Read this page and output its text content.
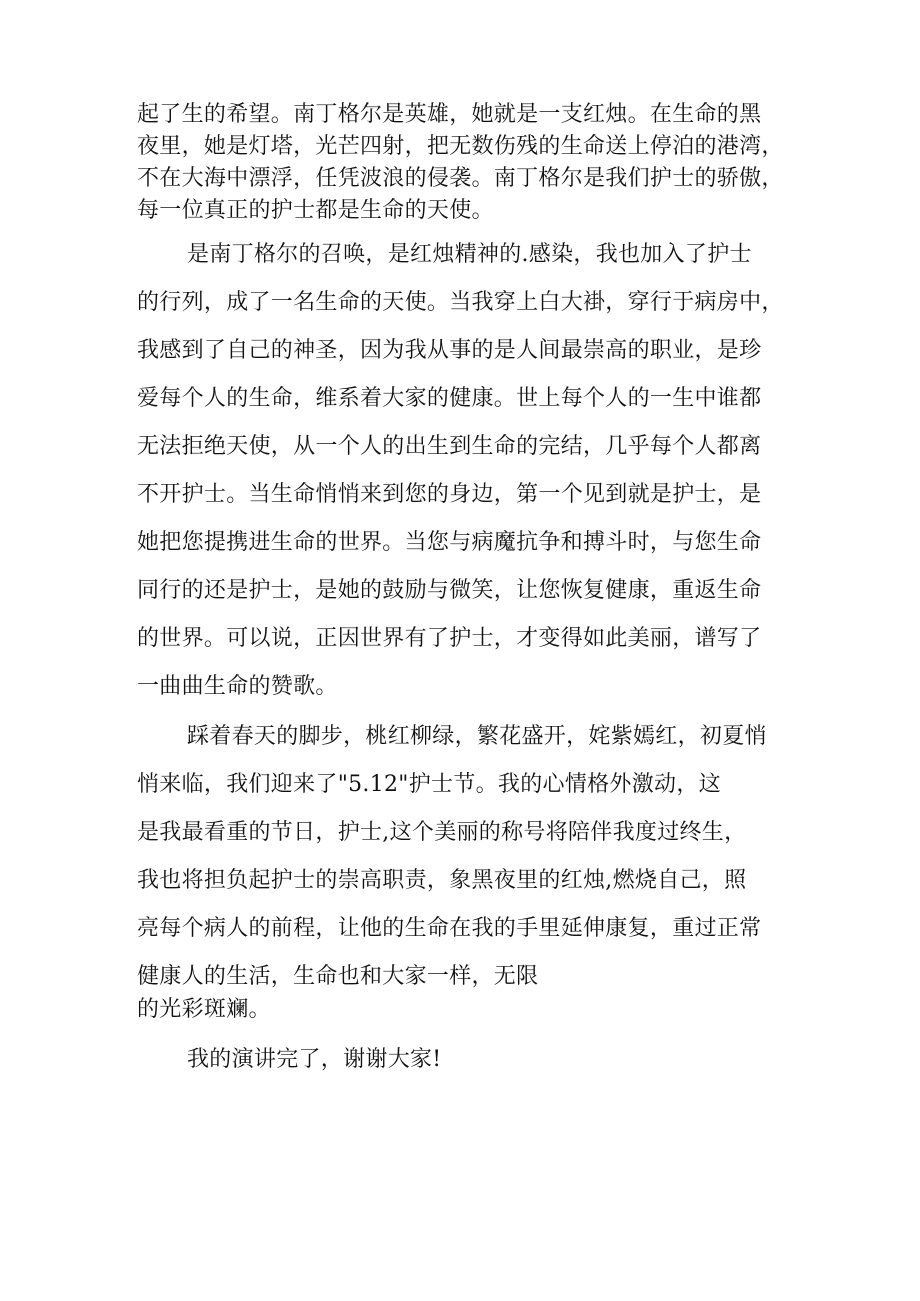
起了生的希望。南丁格尔是英雄，她就是一支红烛。在生命的黑
夜里，她是灯塔，光芒四射，把无数伤残的生命送上停泊的港湾，
不在大海中漂浮，任凭波浪的侵袭。南丁格尔是我们护士的骄傲，
每一位真正的护士都是生命的天使。
是南丁格尔的召唤，是红烛精神的.感染，我也加入了护士
的行列，成了一名生命的天使。当我穿上白大褂，穿行于病房中，
我感到了自己的神圣，因为我从事的是人间最崇高的职业，是珍
爱每个人的生命，维系着大家的健康。世上每个人的一生中谁都
无法拒绝天使，从一个人的出生到生命的完结，几乎每个人都离
不开护士。当生命悄悄来到您的身边，第一个见到就是护士，是
她把您提携进生命的世界。当您与病魔抗争和搏斗时，与您生命
同行的还是护士，是她的鼓励与微笑，让您恢复健康，重返生命
的世界。可以说，正因世界有了护士，才变得如此美丽，谱写了
一曲曲生命的赞歌。
踩着春天的脚步，桃红柳绿，繁花盛开，姹紫嫣红，初夏悄
悄来临，我们迎来了"5.12"护士节。我的心情格外激动，这
是我最看重的节日，护士,这个美丽的称号将陪伴我度过终生，
我也将担负起护士的崇高职责，象黑夜里的红烛,燃烧自己，照
亮每个病人的前程，让他的生命在我的手里延伸康复，重过正常
健康人的生活，生命也和大家一样，无限
的光彩斑斓。
我的演讲完了，谢谢大家!
